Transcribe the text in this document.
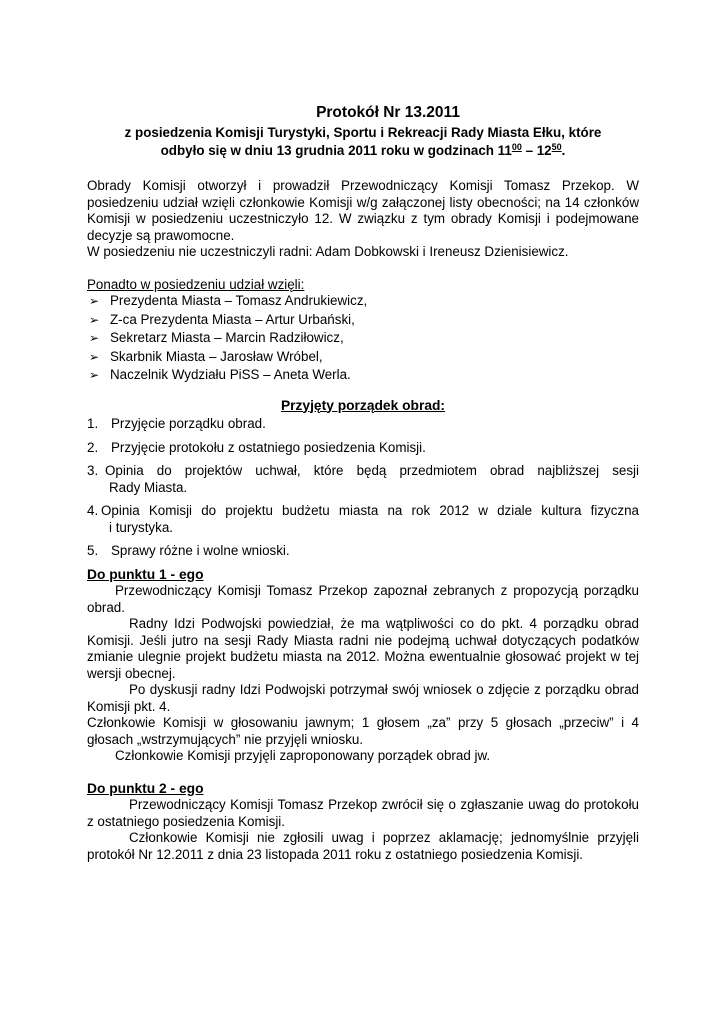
Protokół Nr 13.2011
z posiedzenia Komisji Turystyki, Sportu i Rekreacji Rady Miasta Ełku, które
odbyło się w dniu 13 grudnia 2011 roku w godzinach $11^{00} - 12^{50}$.

Obrady Komisji otworzył i prowadził Przewodniczący Komisji Tomasz Przekop. W posiedzeniu udział wzięli członkowie Komisji w/g załączonej listy obecności; na 14 członków Komisji w posiedzeniu uczestniczyło 12. W związku z tym obrady Komisji i podejmowane decyzje są prawomocne.

W posiedzeniu nie uczestniczyli radni: Adam Dobkowski i Ireneusz Dzienisiewicz.

Ponadto w posiedzeniu udział wzięli:

➢ Prezydenta Miasta – Tomasz Andrukiewicz,
➢ Z-ca Prezydenta Miasta – Artur Urbański,
➢ Sekretarz Miasta – Marcin Radziłowicz,
➢ Skarbnik Miasta – Jarosław Wróbel,
➢ Naczelnik Wydziału PiSS – Aneta Werla.
Przyjęty porządek obrad:
1. Przyjęcie porządku obrad.
2. Przyjęcie protokołu z ostatniego posiedzenia Komisji.
3. Opinia do projektów uchwał, które będą przedmiotem obrad najbliższej sesji
Rady Miasta.
4. Opinia Komisji do projektu budżetu miasta na rok 2012 w dziale kultura fizyczna
i turystyka.
5. Sprawy różne i wolne wnioski.
Do punktu 1 - ego

Przewodniczący Komisji Tomasz Przekop zapoznał zebranych z propozycją porządku obrad.

Radny Idzi Podwojski powiedział, że ma wątpliwości co do pkt. 4 porządku obrad Komisji. Jeśli jutro na sesji Rady Miasta radni nie podejmą uchwał dotyczących podatków zmianie ulegnie projekt budżetu miasta na 2012. Można ewentualnie głosować projekt w tej wersji obecnej.

Po dyskusji radny Idzi Podwojski potrzymał swój wniosek o zdjęcie z porządku obrad Komisji pkt. 4.

Członkowie Komisji w głosowaniu jawnym; 1 głosem „za” przy 5 głosach „przeciw” i 4 głosach „wstrzymujących” nie przyjęli wniosku.

Członkowie Komisji przyjęli zaproponowany porządek obrad jw.

Do punktu 2 - ego

Przewodniczący Komisji Tomasz Przekop zwrócił się o zgłaszanie uwag do protokołu z ostatniego posiedzenia Komisji.

Członkowie Komisji nie zgłosili uwag i poprzez aklamację; jednomyślnie przyjęli protokół Nr 12.2011 z dnia 23 listopada 2011 roku z ostatniego posiedzenia Komisji.
